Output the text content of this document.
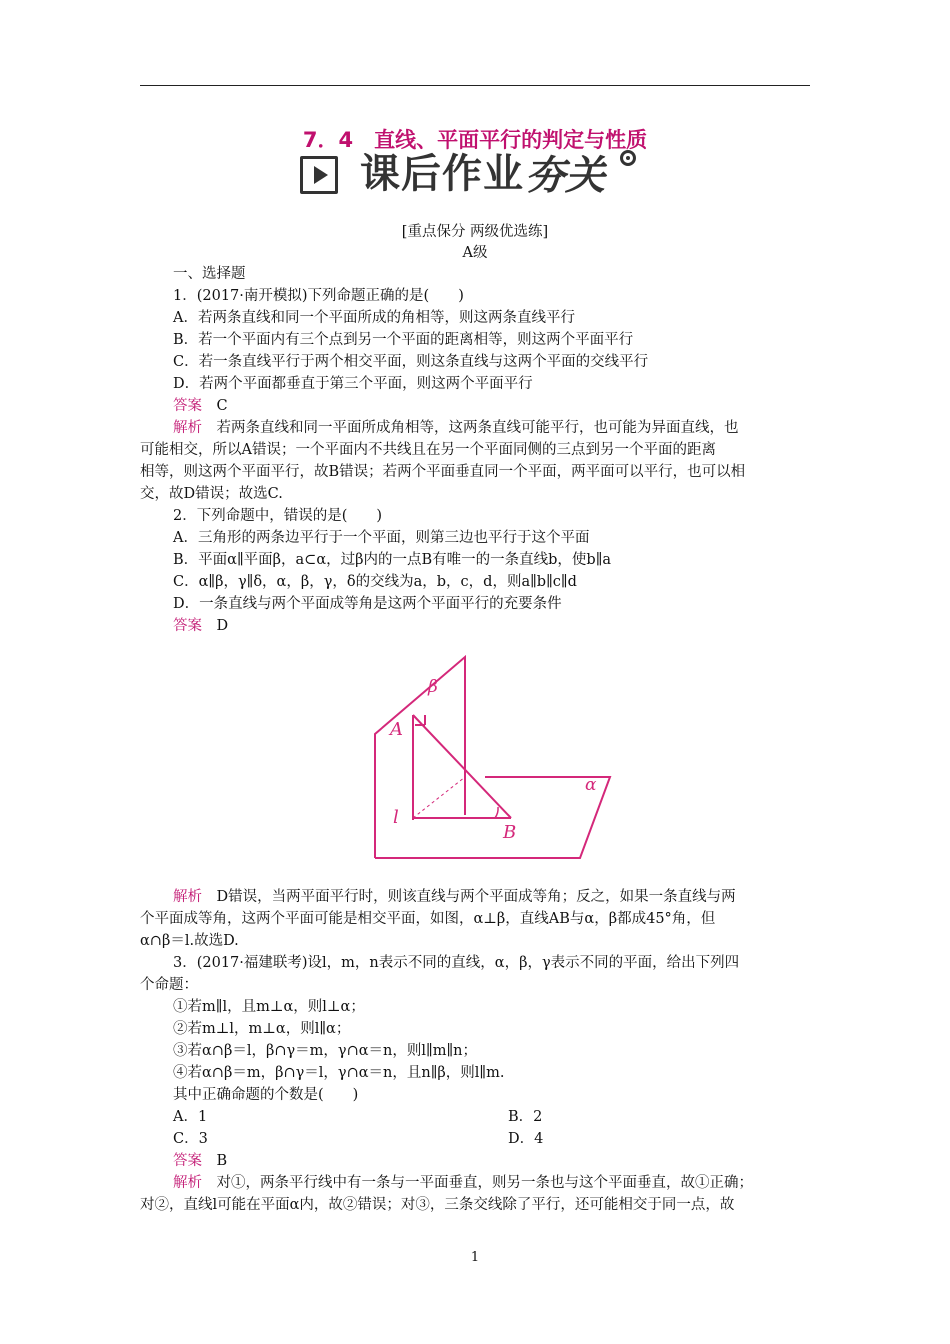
7．4　直线、平面平行的判定与性质
课后作业 夯关
[重点保分 两级优选练]
A级
一、选择题
1．(2017·南开模拟)下列命题正确的是(　　)
A．若两条直线和同一个平面所成的角相等，则这两条直线平行
B．若一个平面内有三个点到另一个平面的距离相等，则这两个平面平行
C．若一条直线平行于两个相交平面，则这条直线与这两个平面的交线平行
D．若两个平面都垂直于第三个平面，则这两个平面平行
答案　 C
解析　 若两条直线和同一平面所成角相等，这两条直线可能平行，也可能为异面直线，也
可能相交，所以A错误；一个平面内不共线且在另一个平面同侧的三点到另一个平面的距离
相等，则这两个平面平行，故B错误；若两个平面垂直同一个平面，两平面可以平行，也可以相
交，故D错误；故选C.
2．下列命题中，错误的是(　　)
A．三角形的两条边平行于一个平面，则第三边也平行于这个平面
B．平面α∥平面β，a⊂α，过β内的一点B有唯一的一条直线b，使b∥a
C．α∥β，γ∥δ，α，β，γ，δ的交线为a，b，c，d，则a∥b∥c∥d
D．一条直线与两个平面成等角是这两个平面平行的充要条件
答案　 D
β
A
α
l
B
解析　 D错误，当两平面平行时，则该直线与两个平面成等角；反之，如果一条直线与两
个平面成等角，这两个平面可能是相交平面，如图，α⊥β，直线AB与α，β都成45°角，但
α∩β＝l.故选D.
3．(2017·福建联考)设l，m，n表示不同的直线，α，β，γ表示不同的平面，给出下列四
个命题：
①若m∥l，且m⊥α，则l⊥α；
②若m⊥l，m⊥α，则l∥α；
③若α∩β＝l，β∩γ＝m，γ∩α＝n，则l∥m∥n；
④若α∩β＝m，β∩γ＝l，γ∩α＝n，且n∥β，则l∥m.
其中正确命题的个数是(　　)
A．1	B．2
C．3	D．4
答案　 B
解析　 对①，两条平行线中有一条与一平面垂直，则另一条也与这个平面垂直，故①正确；
对②，直线l可能在平面α内，故②错误；对③，三条交线除了平行，还可能相交于同一点，故
1
